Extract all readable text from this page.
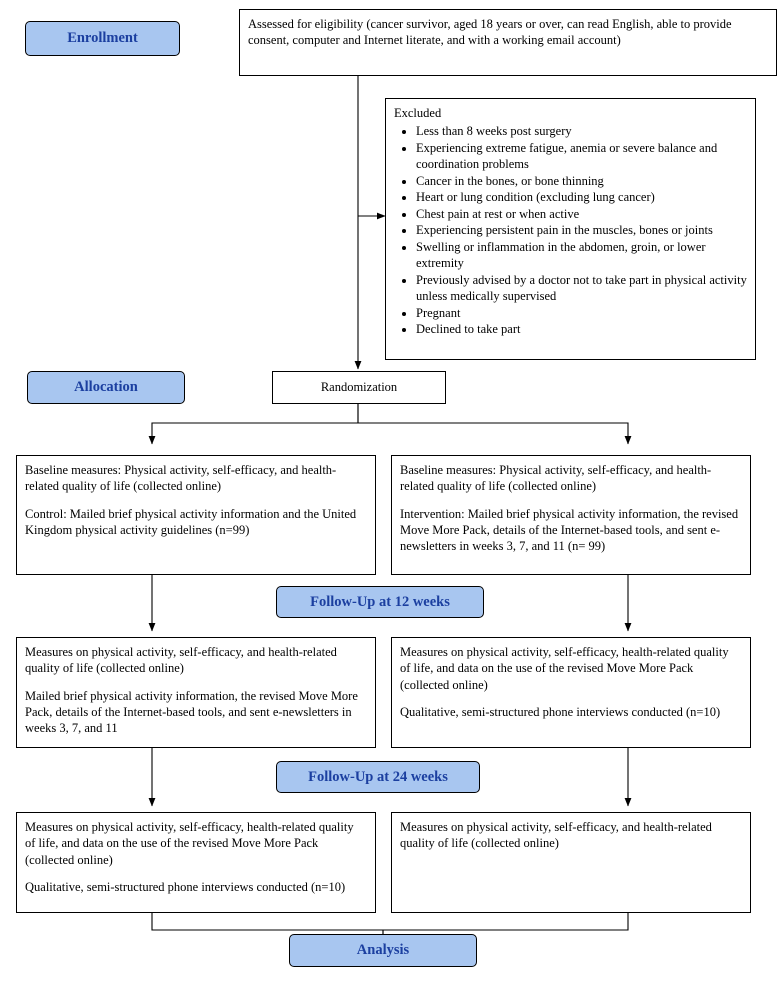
Enrollment
Assessed for eligibility (cancer survivor, aged 18 years or over, can read English, able to provide consent, computer and Internet literate, and with a working email account)
Excluded
• Less than 8 weeks post surgery
• Experiencing extreme fatigue, anemia or severe balance and coordination problems
• Cancer in the bones, or bone thinning
• Heart or lung condition (excluding lung cancer)
• Chest pain at rest or when active
• Experiencing persistent pain in the muscles, bones or joints
• Swelling or inflammation in the abdomen, groin, or lower extremity
• Previously advised by a doctor not to take part in physical activity unless medically supervised
• Pregnant
• Declined to take part
Allocation	Randomization

Baseline measures: Physical activity, self-efficacy, and health-related quality of life (collected online)

Control: Mailed brief physical activity information and the United Kingdom physical activity guidelines (n=99)

Baseline measures: Physical activity, self-efficacy, and health-related quality of life (collected online)

Intervention: Mailed brief physical activity information, the revised Move More Pack, details of the Internet-based tools, and sent e-newsletters in weeks 3, 7, and 11 (n= 99)

Follow-Up at 12 weeks

Measures on physical activity, self-efficacy, and health-related quality of life (collected online)

Mailed brief physical activity information, the revised Move More Pack, details of the Internet-based tools, and sent e-newsletters in weeks 3, 7, and 11

Measures on physical activity, self-efficacy, health-related quality of life, and data on the use of the revised Move More Pack (collected online)

Qualitative, semi-structured phone interviews conducted (n=10)

Follow-Up at 24 weeks

Measures on physical activity, self-efficacy, health-related quality of life, and data on the use of the revised Move More Pack (collected online)

Qualitative, semi-structured phone interviews conducted (n=10)

Measures on physical activity, self-efficacy, and health-related quality of life (collected online)

Analysis
